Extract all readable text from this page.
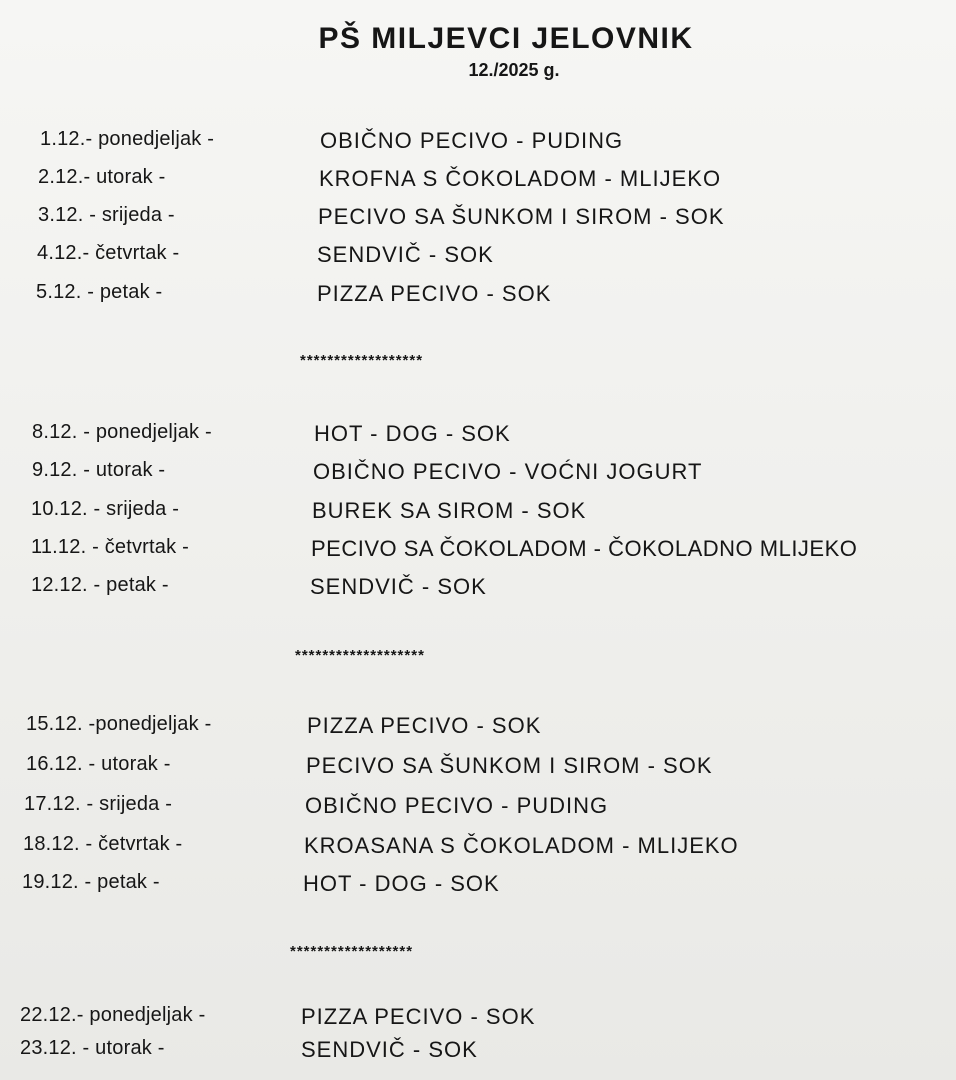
PŠ MILJEVCI JELOVNIK
12./2025 g.
1.12.- ponedjeljak -	OBIČNO PECIVO - PUDING
2.12.- utorak -	KROFNA S ČOKOLADOM - MLIJEKO
3.12. - srijeda -	PECIVO SA ŠUNKOM I SIROM - SOK
4.12.- četvrtak -	SENDVIČ - SOK
5.12. - petak -	PIZZA PECIVO - SOK
******************
8.12. - ponedjeljak -	HOT - DOG - SOK
9.12. - utorak -	OBIČNO PECIVO - VOĆNI JOGURT
10.12. - srijeda -	BUREK SA SIROM - SOK
11.12. - četvrtak -	PECIVO SA ČOKOLADOM - ČOKOLADNO MLIJEKO
12.12. - petak -	SENDVIČ - SOK
*******************
15.12. -ponedjeljak -	PIZZA PECIVO - SOK
16.12. - utorak -	PECIVO SA ŠUNKOM I SIROM - SOK
17.12. - srijeda -	OBIČNO PECIVO - PUDING
18.12. - četvrtak -	KROASANA S ČOKOLADOM - MLIJEKO
19.12. - petak -	HOT - DOG - SOK
******************
22.12.- ponedjeljak -	PIZZA PECIVO - SOK
23.12. - utorak -	SENDVIČ - SOK
